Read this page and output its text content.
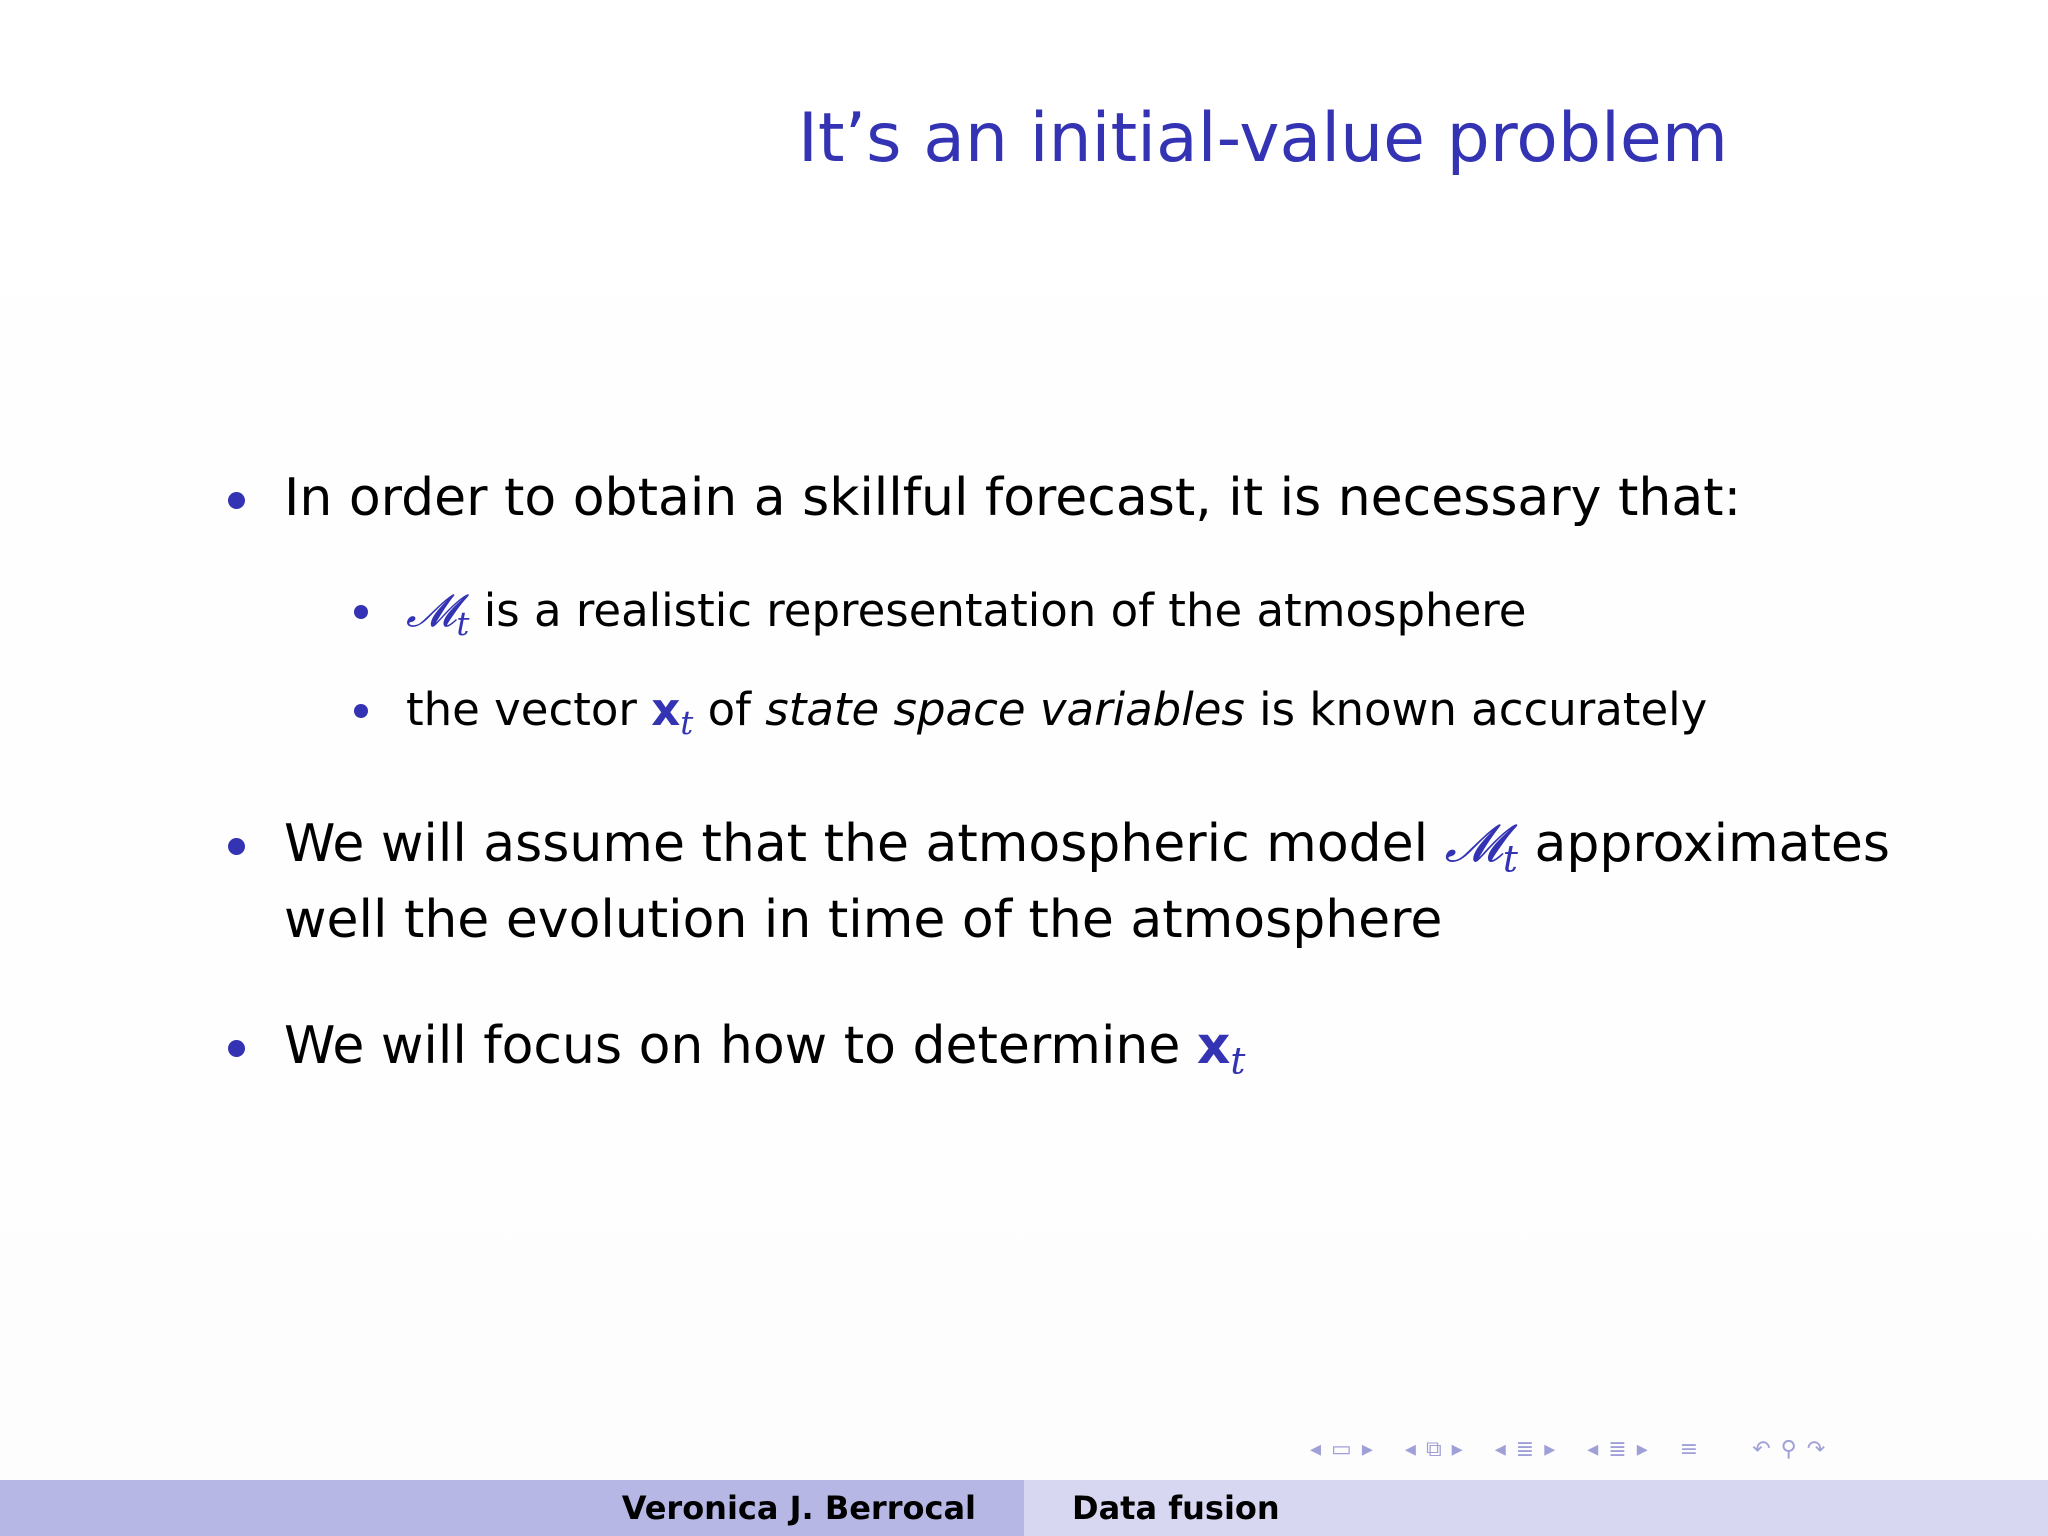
It’s an initial-value problem
In order to obtain a skillful forecast, it is necessary that:
𝓜$_t$ is a realistic representation of the atmosphere
the vector $x_t$ of state space variables is known accurately
We will assume that the atmospheric model 𝓜$_t$ approximates
well the evolution in time of the atmosphere
We will focus on how to determine $x_t$
◂ ▭ ▸ ◂ ⧉ ▸ ◂ ≣ ▸ ◂ ≣ ▸ ≡ ↶ ⚲ ↷
Veronica J. Berrocal	Data fusion
